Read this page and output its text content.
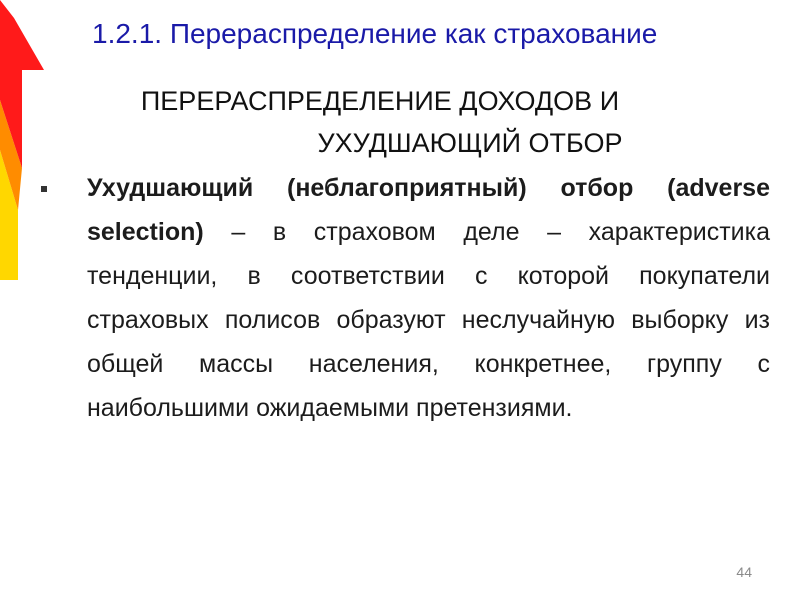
1.2.1. Перераспределение как страхование
ПЕРЕРАСПРЕДЕЛЕНИЕ ДОХОДОВ И
УХУДШАЮЩИЙ ОТБОР
Ухудшающий (неблагоприятный) отбор (adverse selection) – в страховом деле – характеристика тенденции, в соответствии с которой покупатели страховых полисов образуют неслучайную выборку из общей массы населения, конкретнее, группу с наибольшими ожидаемыми претензиями.
44
